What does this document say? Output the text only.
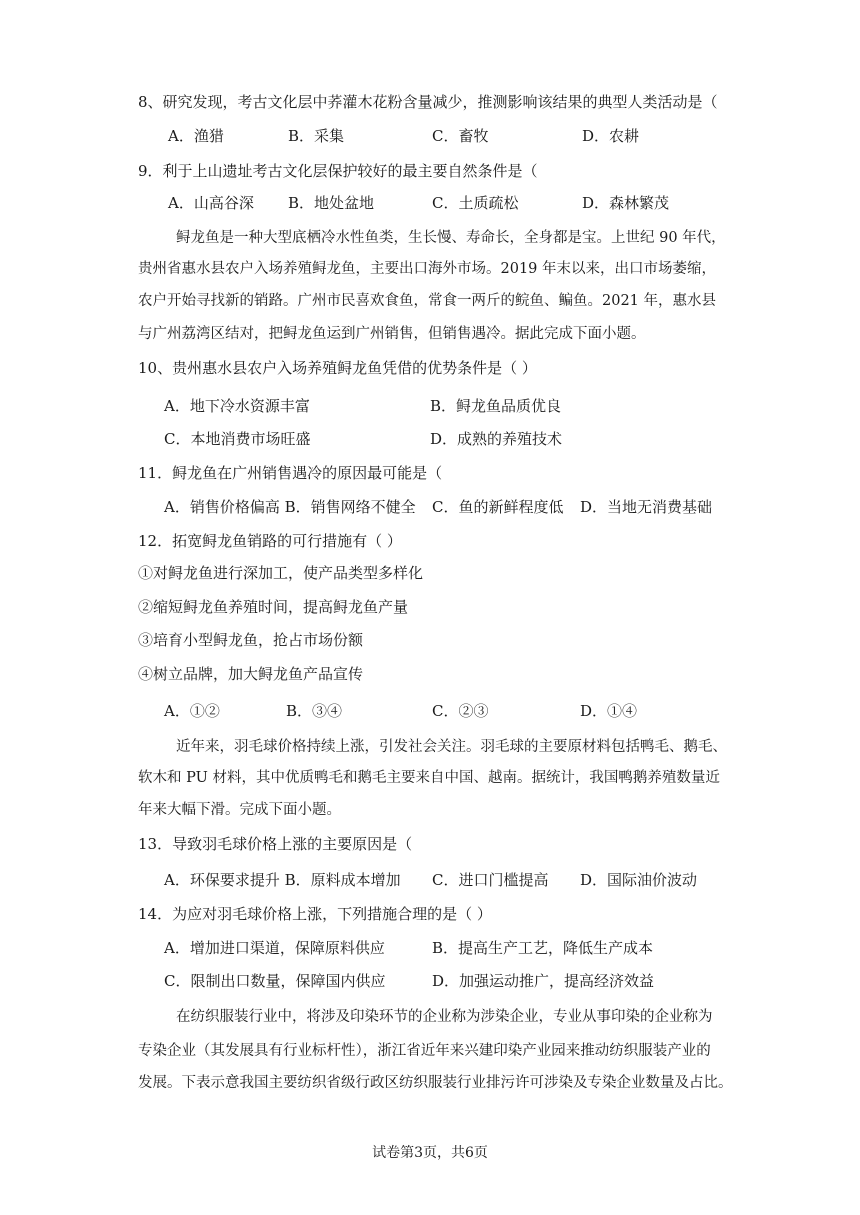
8、研究发现，考古文化层中荞灌木花粉含量减少，推测影响该结果的典型人类活动是（
A．渔猎	B．采集	C．畜牧	D．农耕
9．利于上山遗址考古文化层保护较好的最主要自然条件是（
A．山高谷深 B．地处盆地	C．土质疏松	D．森林繁茂
鲟龙鱼是一种大型底栖冷水性鱼类，生长慢、寿命长，全身都是宝。上世纪 90 年代，
贵州省惠水县农户入场养殖鲟龙鱼，主要出口海外市场。2019 年末以来，出口市场萎缩，
农户开始寻找新的销路。广州市民喜欢食鱼，常食一两斤的鲩鱼、鳊鱼。2021 年，惠水县
与广州荔湾区结对，把鲟龙鱼运到广州销售，但销售遇冷。据此完成下面小题。
10、贵州惠水县农户入场养殖鲟龙鱼凭借的优势条件是（ ）
A．地下冷水资源丰富	B．鲟龙鱼品质优良
C．本地消费市场旺盛	D．成熟的养殖技术
11．鲟龙鱼在广州销售遇冷的原因最可能是（
A．销售价格偏高 B．销售网络不健全 C．鱼的新鲜程度低 D．当地无消费基础
12．拓宽鲟龙鱼销路的可行措施有（ ）
①对鲟龙鱼进行深加工，使产品类型多样化
②缩短鲟龙鱼养殖时间，提高鲟龙鱼产量
③培育小型鲟龙鱼，抢占市场份额
④树立品牌，加大鲟龙鱼产品宣传
A．①②	B．③④	C．②③	D．①④
近年来，羽毛球价格持续上涨，引发社会关注。羽毛球的主要原材料包括鸭毛、鹅毛、
软木和 PU 材料，其中优质鸭毛和鹅毛主要来自中国、越南。据统计，我国鸭鹅养殖数量近
年来大幅下滑。完成下面小题。
13．导致羽毛球价格上涨的主要原因是（
A．环保要求提升 B．原料成本增加 C．进口门槛提高 D．国际油价波动
14．为应对羽毛球价格上涨，下列措施合理的是（ ）
A．增加进口渠道，保障原料供应	B．提高生产工艺，降低生产成本
C．限制出口数量，保障国内供应	D．加强运动推广，提高经济效益
在纺织服装行业中，将涉及印染环节的企业称为涉染企业，专业从事印染的企业称为
专染企业（其发展具有行业标杆性），浙江省近年来兴建印染产业园来推动纺织服装产业的
发展。下表示意我国主要纺织省级行政区纺织服装行业排污许可涉染及专染企业数量及占比。
试卷第3页，共6页
